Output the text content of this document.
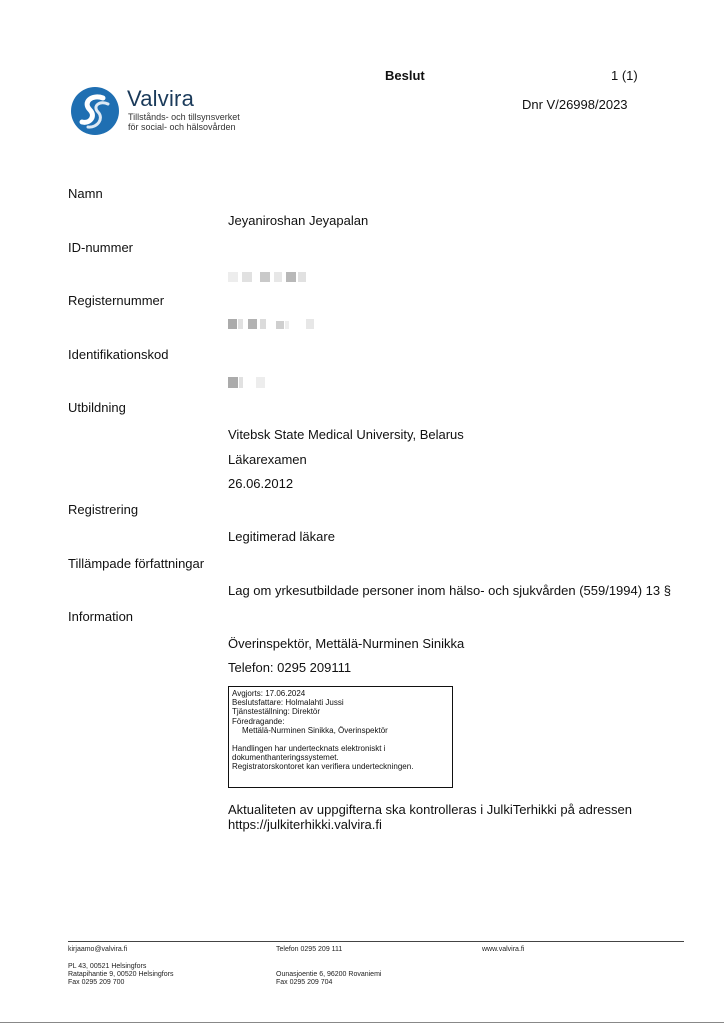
Valvira
Tillstånds- och tillsynsverket
för social- och hälsovården
Beslut	1 (1)
Dnr V/26998/2023
Namn
Jeyaniroshan Jeyapalan
ID-nummer
Registernummer
Identifikationskod
Utbildning
Vitebsk State Medical University, Belarus
Läkarexamen
26.06.2012
Registrering
Legitimerad läkare
Tillämpade författningar
Lag om yrkesutbildade personer inom hälso- och sjukvården (559/1994) 13 §
Information
Överinspektör, Mettälä-Nurminen Sinikka
Telefon: 0295 209111
Avgjorts: 17.06.2024
Beslutsfattare: Holmalahti Jussi
Tjänsteställning: Direktör
Föredragande:
Mettälä-Nurminen Sinikka, Överinspektör
Handlingen har undertecknats elektroniskt i
dokumenthanteringssystemet.
Registratorskontoret kan verifiera underteckningen.
Aktualiteten av uppgifterna ska kontrolleras i JulkiTerhikki på adressen https://julkiterhikki.valvira.fi
kirjaamo@valvira.fi	Telefon 0295 209 111	www.valvira.fi
PL 43, 00521 Helsingfors
Ratapihantie 9, 00520 Helsingfors
Fax 0295 209 700
Ounasjoentie 6, 96200 Rovaniemi
Fax 0295 209 704
